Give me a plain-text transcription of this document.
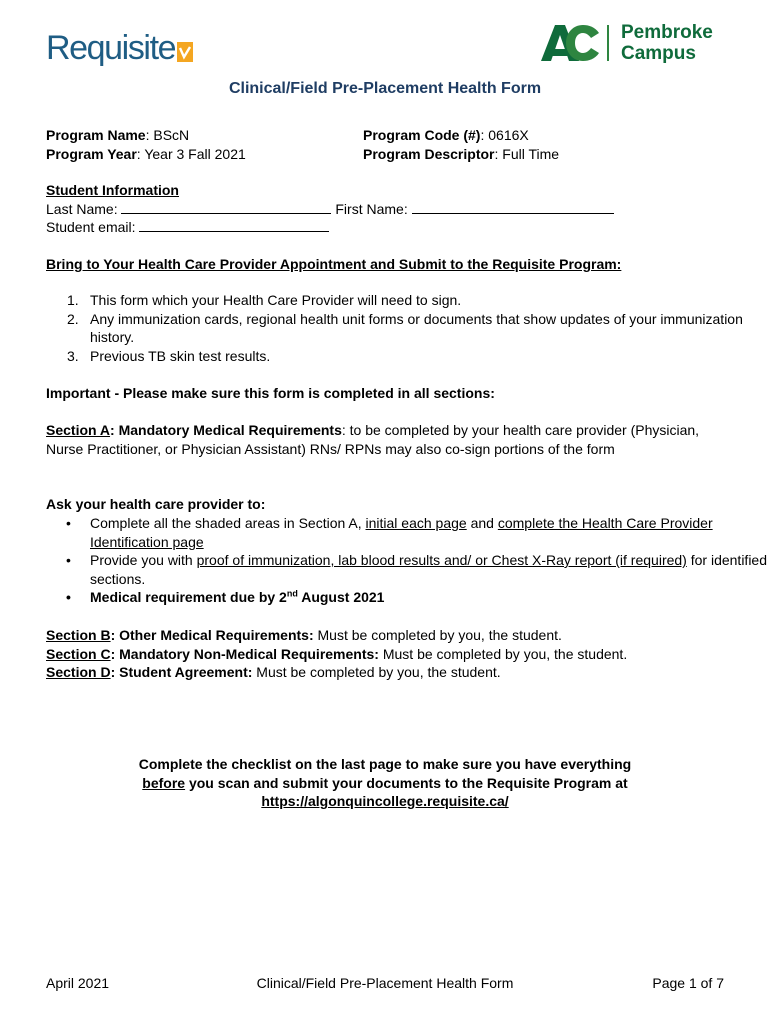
Requisite	Pembroke
Campus
Clinical/Field Pre-Placement Health Form
Program Name: BScN
Program Year: Year 3 Fall 2021
Program Code (#): 0616X
Program Descriptor: Full Time
Student Information
Last Name:	First Name:
Student email:
Bring to Your Health Care Provider Appointment and Submit to the Requisite Program:
1. This form which your Health Care Provider will need to sign.
2. Any immunization cards, regional health unit forms or documents that show updates of your immunization history.
3. Previous TB skin test results.
Important - Please make sure this form is completed in all sections:
Section A: Mandatory Medical Requirements: to be completed by your health care provider (Physician, Nurse Practitioner, or Physician Assistant) RNs/ RPNs may also co-sign portions of the form
Ask your health care provider to:
• Complete all the shaded areas in Section A, initial each page and complete the Health Care Provider Identification page
• Provide you with proof of immunization, lab blood results and/ or Chest X-Ray report (if required) for identified sections.
• Medical requirement due by 2nd August 2021
Section B: Other Medical Requirements: Must be completed by you, the student.
Section C: Mandatory Non-Medical Requirements: Must be completed by you, the student.
Section D: Student Agreement: Must be completed by you, the student.
Complete the checklist on the last page to make sure you have everything
before you scan and submit your documents to the Requisite Program at
https://algonquincollege.requisite.ca/
April 2021	Clinical/Field Pre-Placement Health Form	Page 1 of 7
